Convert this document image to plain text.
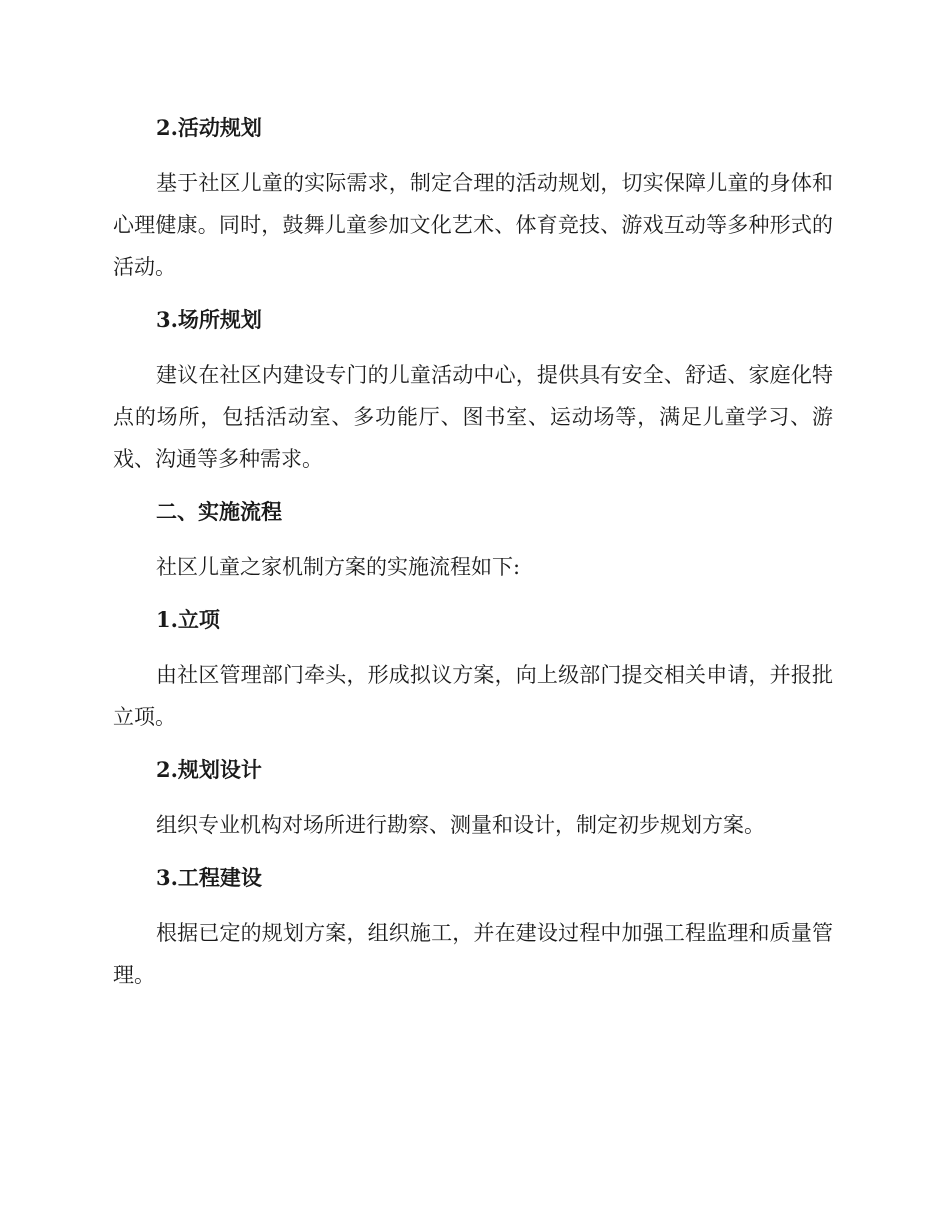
2.活动规划

基于社区儿童的实际需求，制定合理的活动规划，切实保障儿童的身体和心理健康。同时，鼓舞儿童参加文化艺术、体育竞技、游戏互动等多种形式的活动。

3.场所规划

建议在社区内建设专门的儿童活动中心，提供具有安全、舒适、家庭化特点的场所，包括活动室、多功能厅、图书室、运动场等，满足儿童学习、游戏、沟通等多种需求。

二、实施流程

社区儿童之家机制方案的实施流程如下:

1.立项

由社区管理部门牵头，形成拟议方案，向上级部门提交相关申请，并报批立项。

2.规划设计

组织专业机构对场所进行勘察、测量和设计，制定初步规划方案。

3.工程建设

根据已定的规划方案，组织施工，并在建设过程中加强工程监理和质量管理。
